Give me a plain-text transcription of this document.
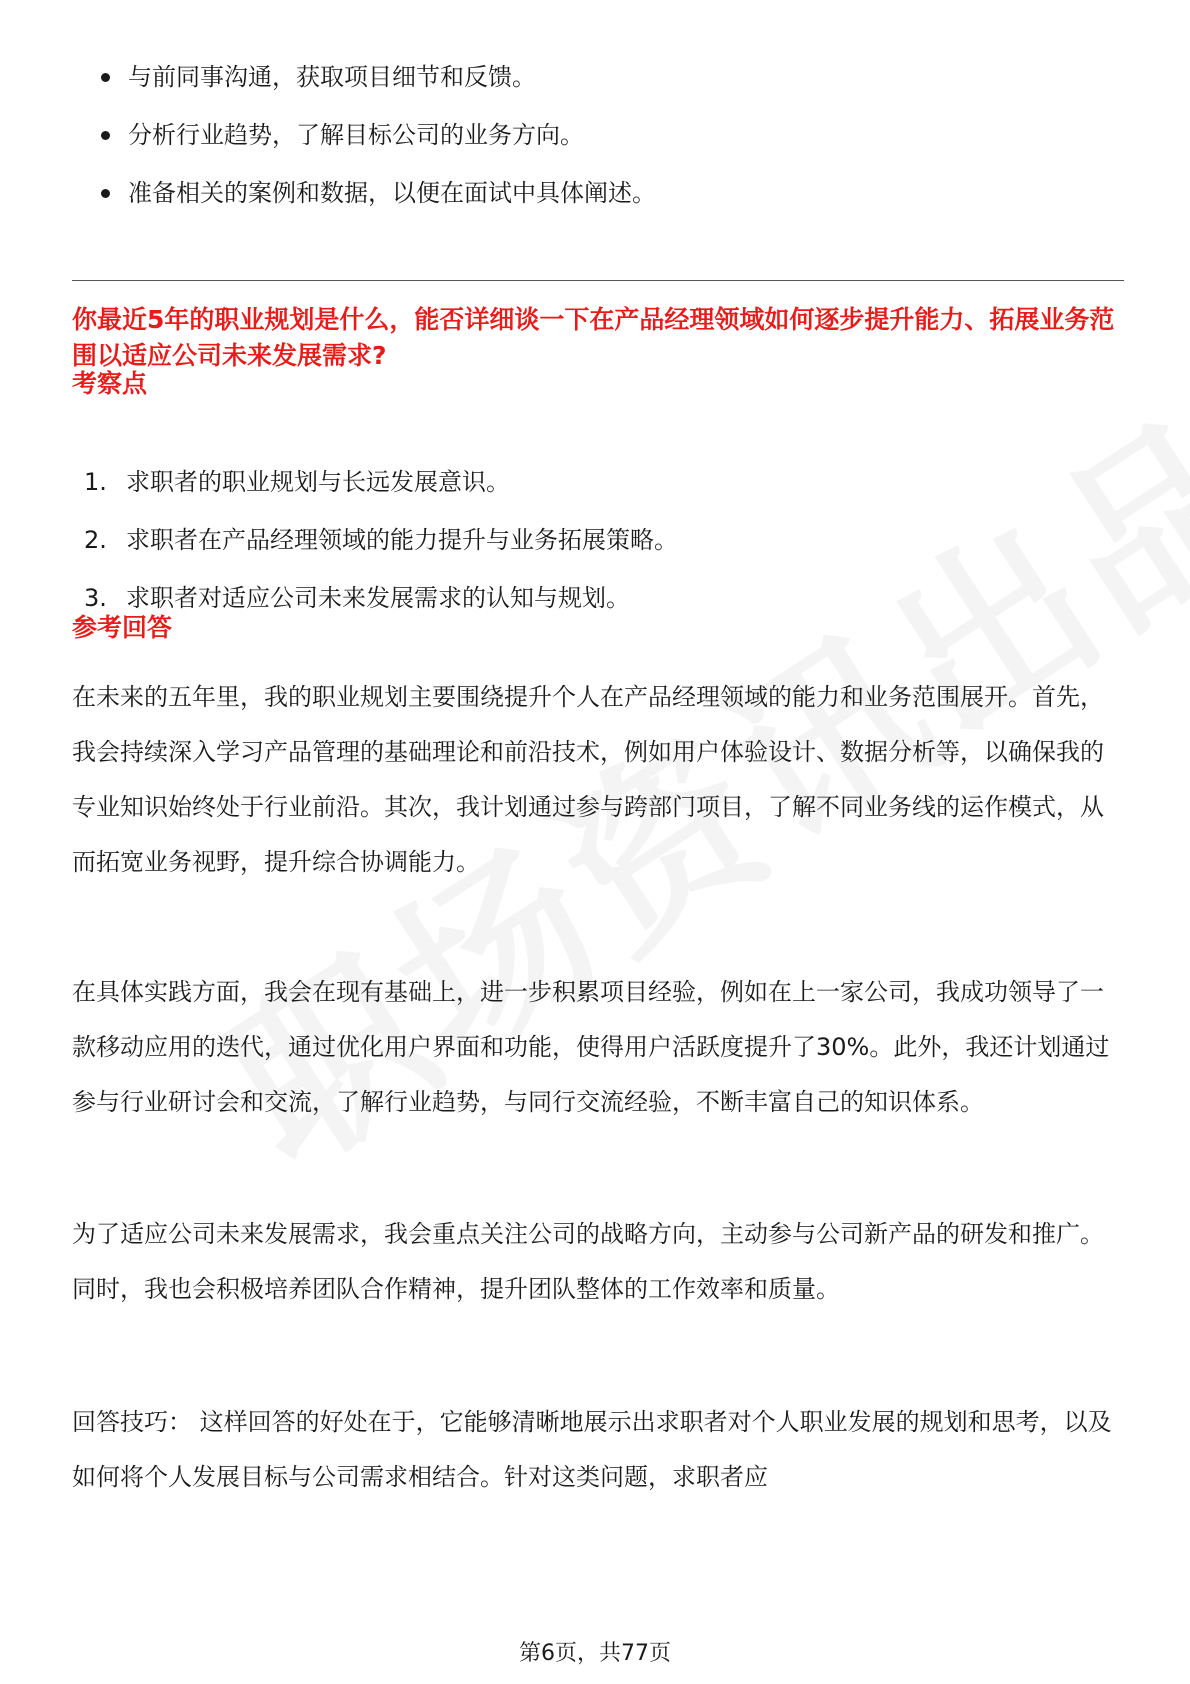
与前同事沟通，获取项目细节和反馈。
分析行业趋势，了解目标公司的业务方向。
准备相关的案例和数据，以便在面试中具体阐述。
你最近5年的职业规划是什么，能否详细谈一下在产品经理领域如何逐步提升能力、拓展业务范围以适应公司未来发展需求?
考察点
1. 求职者的职业规划与长远发展意识。
2. 求职者在产品经理领域的能力提升与业务拓展策略。
3. 求职者对适应公司未来发展需求的认知与规划。
参考回答

在未来的五年里，我的职业规划主要围绕提升个人在产品经理领域的能力和业务范围展开。首先，我会持续深入学习产品管理的基础理论和前沿技术，例如用户体验设计、数据分析等，以确保我的专业知识始终处于行业前沿。其次，我计划通过参与跨部门项目，了解不同业务线的运作模式，从而拓宽业务视野，提升综合协调能力。

在具体实践方面，我会在现有基础上，进一步积累项目经验，例如在上一家公司，我成功领导了一款移动应用的迭代，通过优化用户界面和功能，使得用户活跃度提升了30%。此外，我还计划通过参与行业研讨会和交流，了解行业趋势，与同行交流经验，不断丰富自己的知识体系。

为了适应公司未来发展需求，我会重点关注公司的战略方向，主动参与公司新产品的研发和推广。同时，我也会积极培养团队合作精神，提升团队整体的工作效率和质量。

回答技巧： 这样回答的好处在于，它能够清晰地展示出求职者对个人职业发展的规划和思考，以及如何将个人发展目标与公司需求相结合。针对这类问题，求职者应

第6页，共77页
